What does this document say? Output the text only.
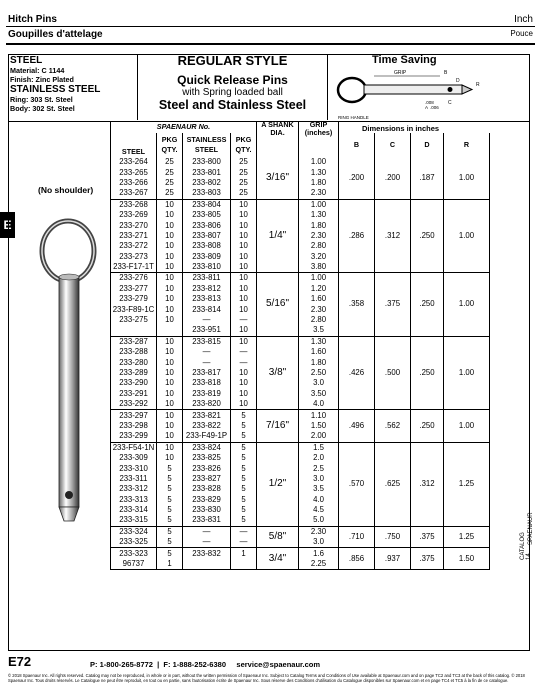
Hitch Pins	Inch
Goupilles d'attelage	Pouce
E
STEEL
Material: C 1144
Finish: Zinc Plated
STAINLESS STEEL
Ring: 303 St. Steel
Body: 302 St. Steel
REGULAR STYLE
Quick Release Pins
with Spring loaded ball
Steel and Stainless Steel
Time Saving
GRIP	B
D
R
.008
A .006
C
RING HANDLE
(No shoulder)
Dimensions in inches
SPAENAUR No.				A SHANK DIA.	GRIP (inches)				
STEEL	PKG QTY.	STAINLESS STEEL	PKG QTY.			B	C	D	R
233-264	25	233-800	25	3/16"	1.00	.200	.200	.187	1.00
233-265	25	233-801	25		1.30				
233-266	25	233-802	25		1.80				
233-267	25	233-803	25		2.30				
233-268	10	233-804	10	1/4"	1.00	.286	.312	.250	1.00
233-269	10	233-805	10		1.30				
233-270	10	233-806	10		1.80				
233-271	10	233-807	10		2.30				
233-272	10	233-808	10		2.80				
233-273	10	233-809	10		3.20				
233-F17-1T	10	233-810	10		3.80				
233-276	10	233-811	10	5/16"	1.00	.358	.375	.250	1.00
233-277	10	233-812	10		1.20				
233-279	10	233-813	10		1.60				
233-F89-1C	10	233-814	10		2.30				
233-275	10	—	—		2.80				
		233-951	10		3.5				
233-287	10	233-815	10	3/8"	1.30	.426	.500	.250	1.00
233-288	10	—	—		1.60				
233-280	10	—	—		1.80				
233-289	10	233-817	10		2.50				
233-290	10	233-818	10		3.0				
233-291	10	233-819	10		3.50				
233-292	10	233-820	10		4.0				
233-297	10	233-821	5	7/16"	1.10	.496	.562	.250	1.00
233-298	10	233-822	5		1.50				
233-299	10	233-F49-1P	5		2.00				
233-F54-1N	10	233-824	5	1/2"	1.5	.570	.625	.312	1.25
233-309	10	233-825	5		2.0				
233-310	5	233-826	5		2.5				
233-311	5	233-827	5		3.0				
233-312	5	233-828	5		3.5				
233-313	5	233-829	5		4.0				
233-314	5	233-830	5		4.5				
233-315	5	233-831	5		5.0				
233-324	5	—	—	5/8"	2.30	.710	.750	.375	1.25
233-325	5	—	—		3.0				
233-323	5	233-832	1	3/4"	1.6	.856	.937	.375	1.50
96737	1				2.25				
E72	P: 1-800-265-8772  |  F: 1-888-252-6380 service@spaenaur.com
© 2018 Spaenaur Inc. All rights reserved. Catalog may not be reproduced, in whole or in part, without the written permission of Spaenaur Inc. Subject to Catalog Terms and Conditions of Use available at Spaenaur.com and on page TC2 and TC3 at the back of this catalog. © 2018 Spaenaur Inc. Tous droits réservés. Le Catalogue ne peut être reproduit, en tout ou en partie, sans l'autorisation écrite de Spaenaur Inc. Sous réserve des Conditions d'utilisation du Catalogue disponibles sur Spaenaur.com et en page TC4 et TC5 à la fin de ce catalogue.
CATALOG 14
SPAENAUR
